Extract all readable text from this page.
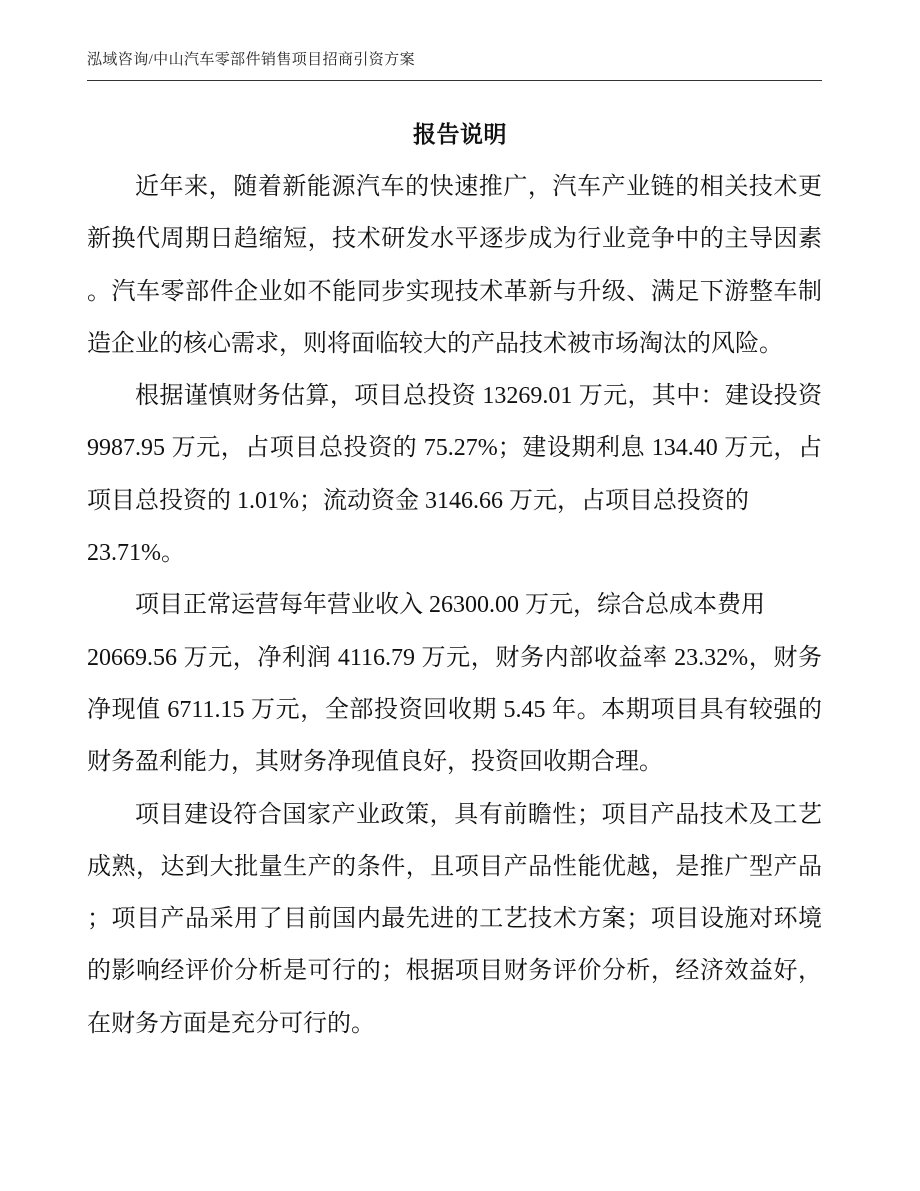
泓域咨询/中山汽车零部件销售项目招商引资方案
报告说明
近年来，随着新能源汽车的快速推广，汽车产业链的相关技术更
新换代周期日趋缩短，技术研发水平逐步成为行业竞争中的主导因素
。汽车零部件企业如不能同步实现技术革新与升级、满足下游整车制
造企业的核心需求，则将面临较大的产品技术被市场淘汰的风险。
根据谨慎财务估算，项目总投资 13269.01 万元，其中：建设投资
9987.95 万元，占项目总投资的 75.27%；建设期利息 134.40 万元，占
项目总投资的 1.01%；流动资金 3146.66 万元，占项目总投资的
23.71%。
项目正常运营每年营业收入 26300.00 万元，综合总成本费用
20669.56 万元，净利润 4116.79 万元，财务内部收益率 23.32%，财务
净现值 6711.15 万元，全部投资回收期 5.45 年。本期项目具有较强的
财务盈利能力，其财务净现值良好，投资回收期合理。
项目建设符合国家产业政策，具有前瞻性；项目产品技术及工艺
成熟，达到大批量生产的条件，且项目产品性能优越，是推广型产品
；项目产品采用了目前国内最先进的工艺技术方案；项目设施对环境
的影响经评价分析是可行的；根据项目财务评价分析，经济效益好，
在财务方面是充分可行的。
